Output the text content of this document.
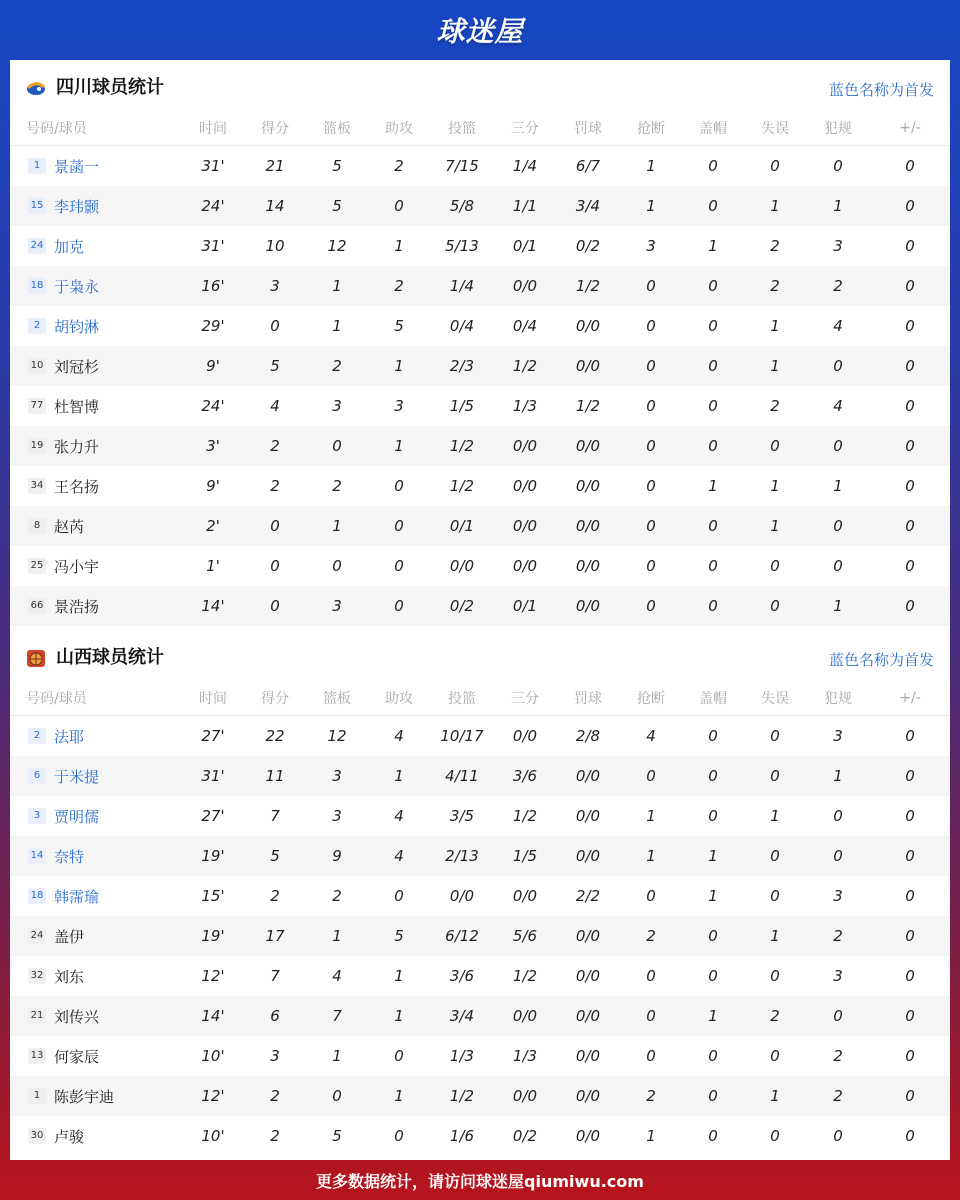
球迷屋
四川球员统计	蓝色名称为首发
号码/球员	时间	得分	篮板	助攻	投篮	三分	罚球	抢断	盖帽	失误	犯规	+/-
1 景菡一	31'	21	5	2	7/15	1/4	6/7	1	0	0	0	0
15 李玮颢	24'	14	5	0	5/8	1/1	3/4	1	0	1	1	0
24 加克	31'	10	12	1	5/13	0/1	0/2	3	1	2	3	0
18 于枭永	16'	3	1	2	1/4	0/0	1/2	0	0	2	2	0
2 胡钧淋	29'	0	1	5	0/4	0/4	0/0	0	0	1	4	0
10 刘冠杉	9'	5	2	1	2/3	1/2	0/0	0	0	1	0	0
77 杜智博	24'	4	3	3	1/5	1/3	1/2	0	0	2	4	0
19 张力升	3'	2	0	1	1/2	0/0	0/0	0	0	0	0	0
34 王名扬	9'	2	2	0	1/2	0/0	0/0	0	1	1	1	0
8 赵芮	2'	0	1	0	0/1	0/0	0/0	0	0	1	0	0
25 冯小宇	1'	0	0	0	0/0	0/0	0/0	0	0	0	0	0
66 景浩扬	14'	0	3	0	0/2	0/1	0/0	0	0	0	1	0
山西球员统计	蓝色名称为首发
号码/球员	时间	得分	篮板	助攻	投篮	三分	罚球	抢断	盖帽	失误	犯规	+/-
2 法耶	27'	22	12	4	10/17	0/0	2/8	4	0	0	3	0
6 于米提	31'	11	3	1	4/11	3/6	0/0	0	0	0	1	0
3 贾明儒	27'	7	3	4	3/5	1/2	0/0	1	0	1	0	0
14 奈特	19'	5	9	4	2/13	1/5	0/0	1	1	0	0	0
18 韩霈瑜	15'	2	2	0	0/0	0/0	2/2	0	1	0	3	0
24 盖伊	19'	17	1	5	6/12	5/6	0/0	2	0	1	2	0
32 刘东	12'	7	4	1	3/6	1/2	0/0	0	0	0	3	0
21 刘传兴	14'	6	7	1	3/4	0/0	0/0	0	1	2	0	0
13 何家辰	10'	3	1	0	1/3	1/3	0/0	0	0	0	2	0
1 陈彭宇迪	12'	2	0	1	1/2	0/0	0/0	2	0	1	2	0
30 卢骏	10'	2	5	0	1/6	0/2	0/0	1	0	0	0	0
更多数据统计，请访问球迷屋qiumiwu.com
